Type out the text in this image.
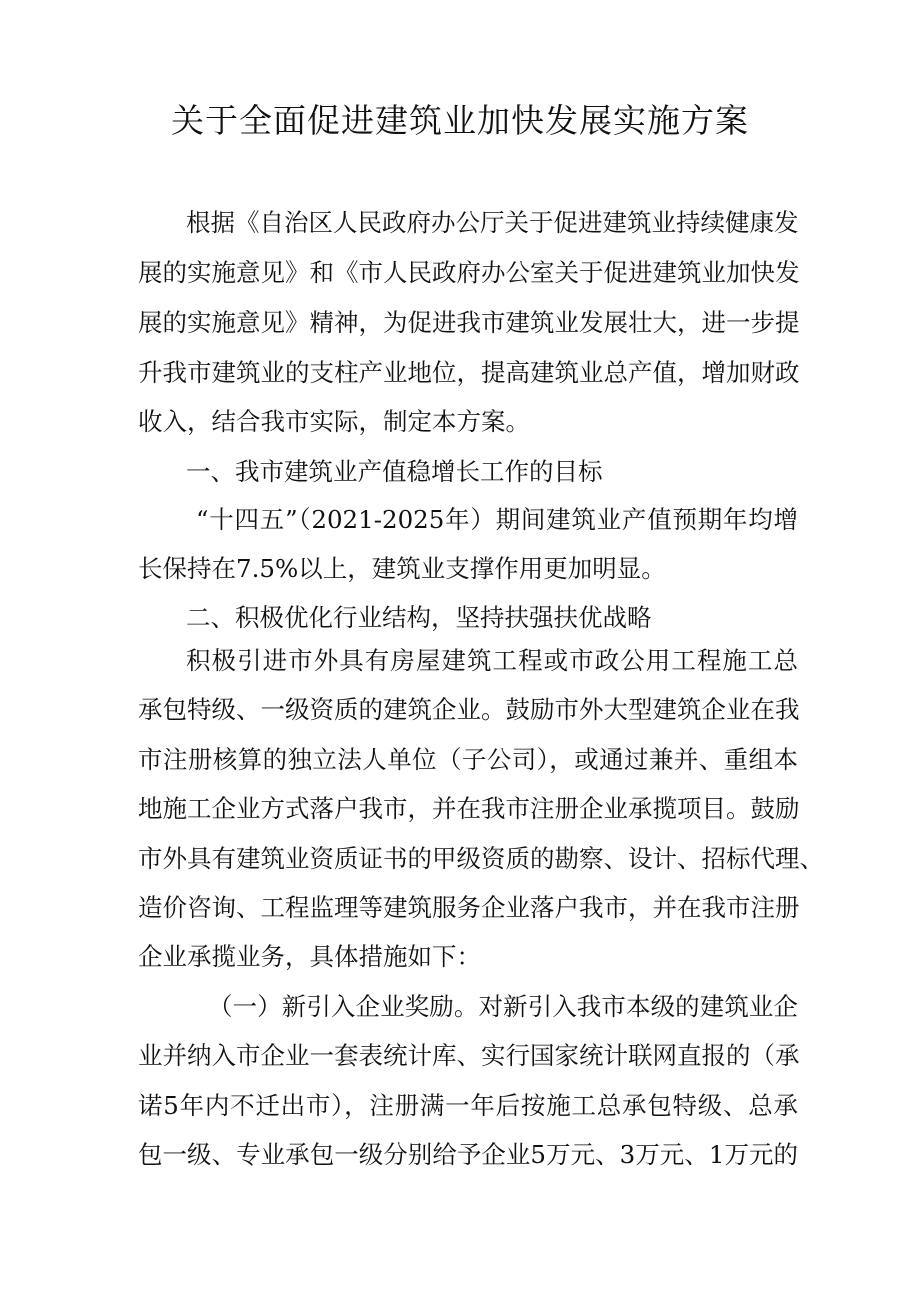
关于全面促进建筑业加快发展实施方案
根据《自治区人民政府办公厅关于促进建筑业持续健康发
展的实施意见》和《市人民政府办公室关于促进建筑业加快发
展的实施意见》精神，为促进我市建筑业发展壮大，进一步提
升我市建筑业的支柱产业地位，提高建筑业总产值，增加财政
收入，结合我市实际，制定本方案。
一、我市建筑业产值稳增长工作的目标
“十四五”（2021-2025年）期间建筑业产值预期年均增
长保持在7.5%以上，建筑业支撑作用更加明显。
二、积极优化行业结构，坚持扶强扶优战略
积极引进市外具有房屋建筑工程或市政公用工程施工总
承包特级、一级资质的建筑企业。鼓励市外大型建筑企业在我
市注册核算的独立法人单位（子公司），或通过兼并、重组本
地施工企业方式落户我市，并在我市注册企业承揽项目。鼓励
市外具有建筑业资质证书的甲级资质的勘察、设计、招标代理、
造价咨询、工程监理等建筑服务企业落户我市，并在我市注册
企业承揽业务，具体措施如下：
（一）新引入企业奖励。对新引入我市本级的建筑业企
业并纳入市企业一套表统计库、实行国家统计联网直报的（承
诺5年内不迁出市），注册满一年后按施工总承包特级、总承
包一级、专业承包一级分别给予企业5万元、3万元、1万元的
